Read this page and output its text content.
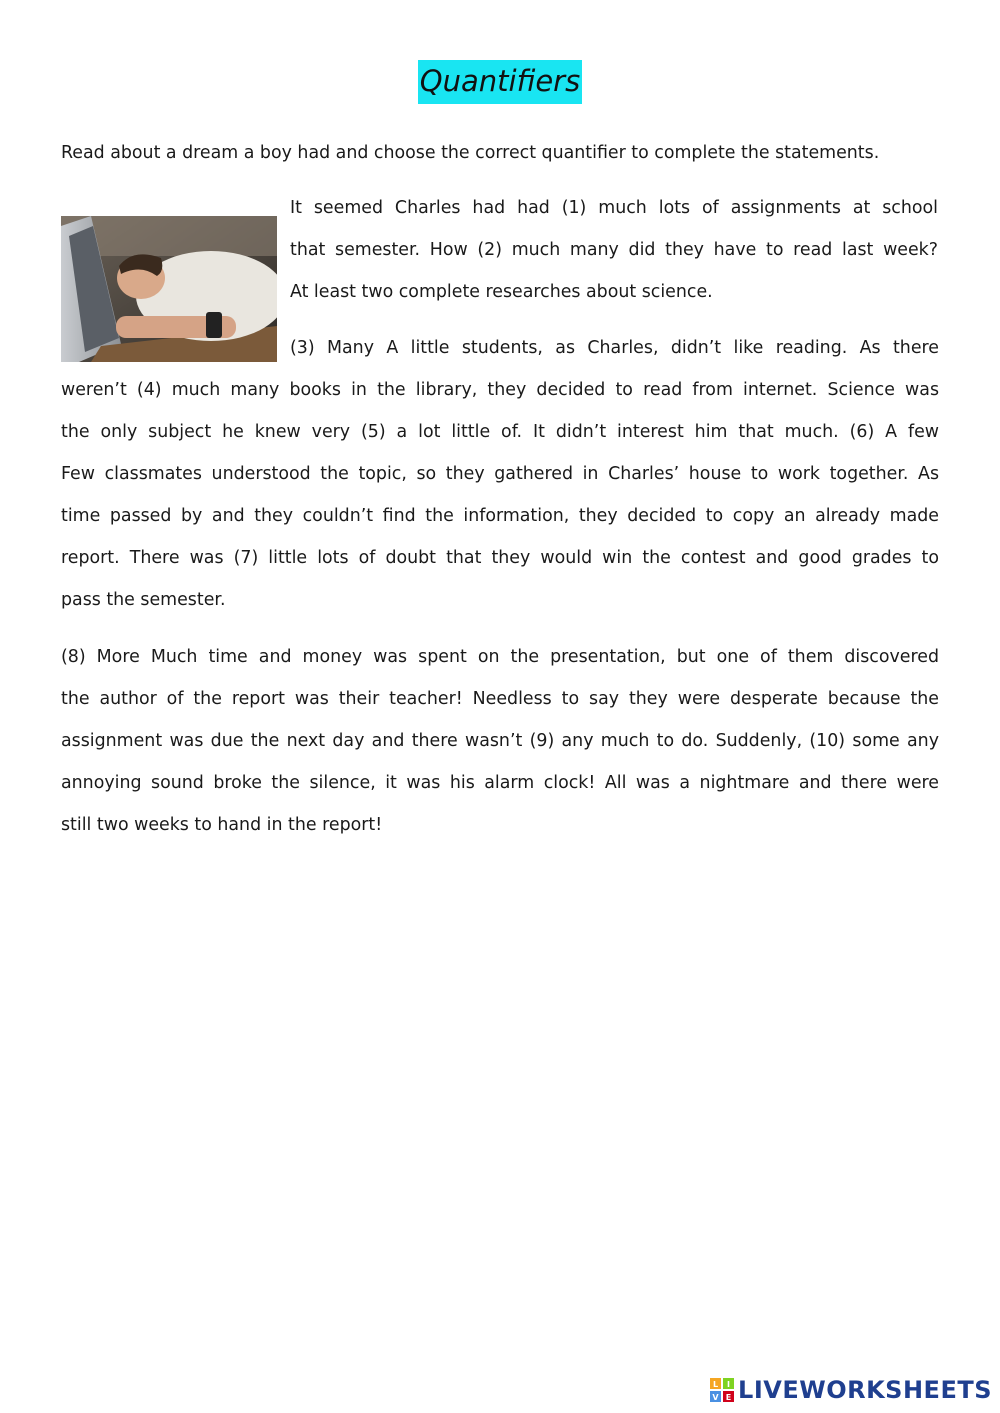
Quantifiers
Read about a dream a boy had and choose the correct quantifier to complete the statements.
It seemed Charles had had (1) much lots of assignments at school
that semester. How (2) much many did they have to read last week?
At least two complete researches about science.
(3) Many A little students, as Charles, didn’t like reading. As there
weren’t (4) much many books in the library, they decided to read from internet. Science was
the only subject he knew very (5) a lot little of. It didn’t interest him that much. (6) A few
Few classmates understood the topic, so they gathered in Charles’ house to work together. As
time passed by and they couldn’t find the information, they decided to copy an already made
report. There was (7) little lots of doubt that they would win the contest and good grades to
pass the semester.
(8) More Much time and money was spent on the presentation, but one of them discovered
the author of the report was their teacher! Needless to say they were desperate because the
assignment was due the next day and there wasn’t (9) any much to do. Suddenly, (10) some any
annoying sound broke the silence, it was his alarm clock! All was a nightmare and there were
still two weeks to hand in the report!
L I
V E LIVEWORKSHEETS
